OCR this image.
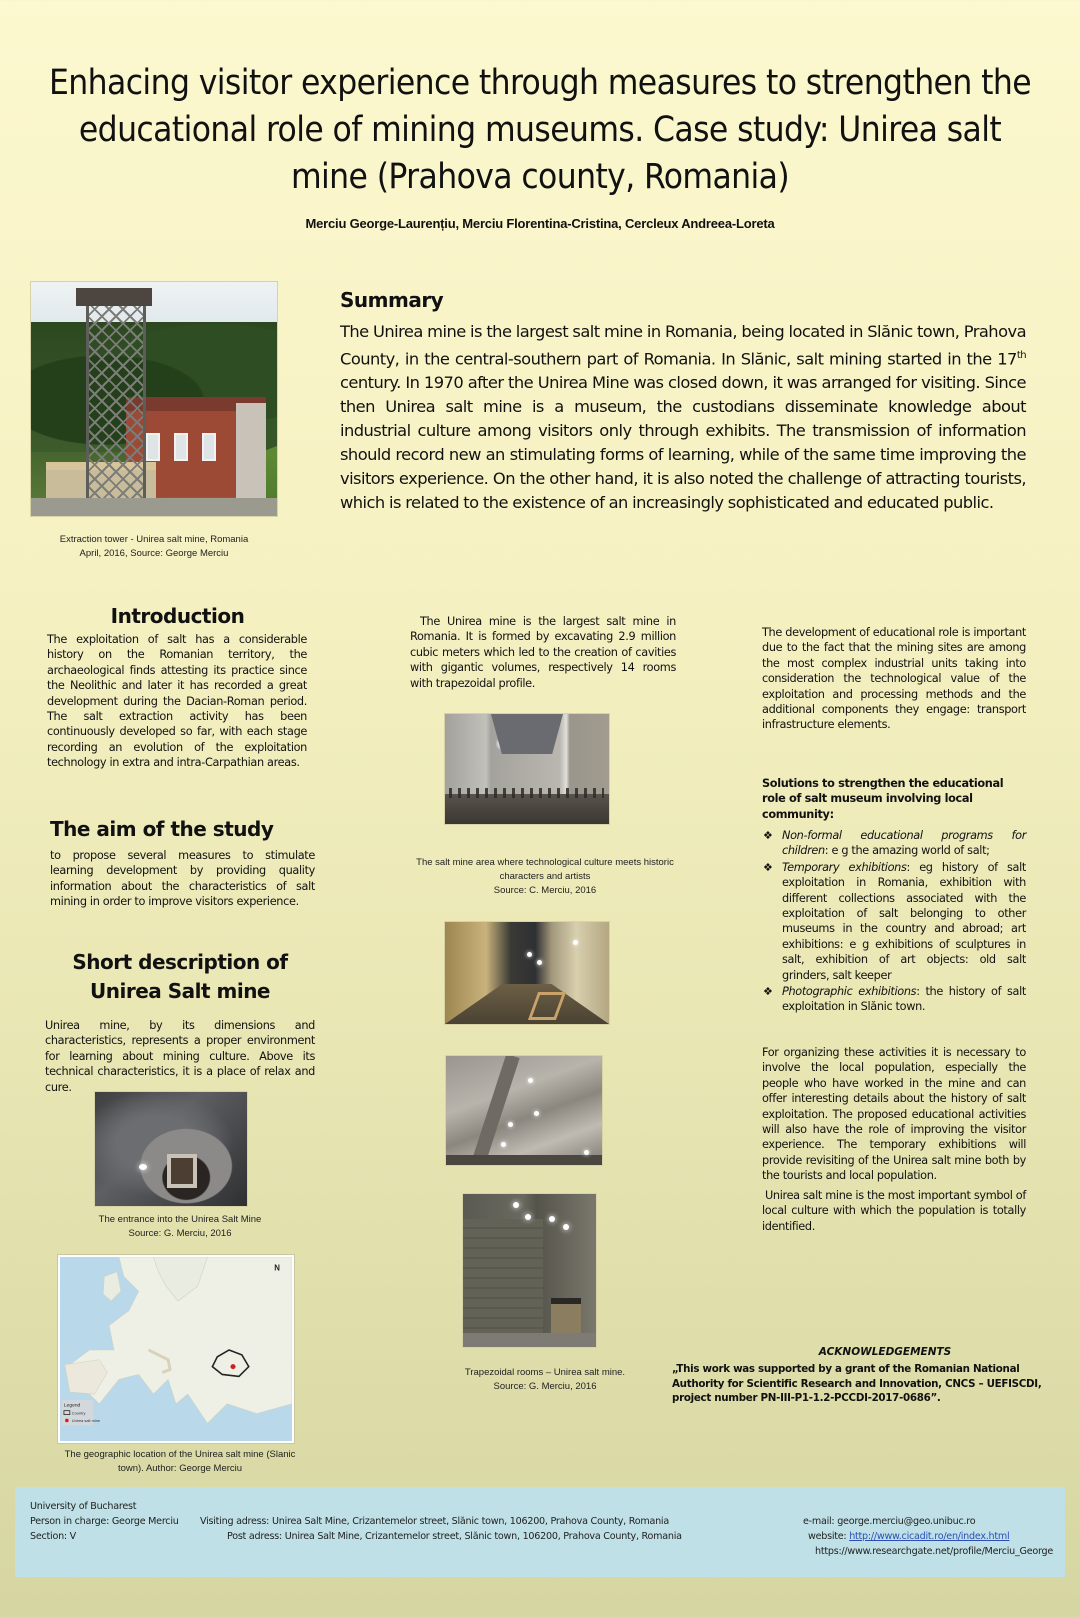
Enhacing visitor experience through measures to strengthen the educational role of mining museums. Case study: Unirea salt mine (Prahova county, Romania)
Merciu George-Laurențiu, Merciu Florentina-Cristina, Cercleux Andreea-Loreta
Extraction tower - Unirea salt mine, Romania
April, 2016, Source: George Merciu
Summary
The Unirea mine is the largest salt mine in Romania, being located in Slănic town, Prahova County, in the central-southern part of Romania. In Slănic, salt mining started in the 17th century. In 1970 after the Unirea Mine was closed down, it was arranged for visiting. Since then Unirea salt mine is a museum, the custodians disseminate knowledge about industrial culture among visitors only through exhibits. The transmission of information should record new an stimulating forms of learning, while of the same time improving the visitors experience. On the other hand, it is also noted the challenge of attracting tourists, which is related to the existence of an increasingly sophisticated and educated public.
Introduction
The exploitation of salt has a considerable history on the Romanian territory, the archaeological finds attesting its practice since the Neolithic and later it has recorded a great development during the Dacian-Roman period. The salt extraction activity has been continuously developed so far, with each stage recording an evolution of the exploitation technology in extra and intra-Carpathian areas.
The aim of the study
to propose several measures to stimulate learning development by providing quality information about the characteristics of salt mining in order to improve visitors experience.
Short description of
Unirea Salt mine
Unirea mine, by its dimensions and characteristics, represents a proper environment for learning about mining culture. Above its technical characteristics, it is a place of relax and cure.
The entrance into the Unirea Salt Mine
Source: G. Merciu, 2016
Legend
Country
Unirea salt mine
N
The geographic location of the Unirea salt mine (Slanic
town). Author: George Merciu
The Unirea mine is the largest salt mine in Romania. It is formed by excavating 2.9 million cubic meters which led to the creation of cavities with gigantic volumes, respectively 14 rooms with trapezoidal profile.
The salt mine area where technological culture meets historic
characters and artists
Source: C. Merciu, 2016
Trapezoidal rooms – Unirea salt mine.
Source: G. Merciu, 2016
The development of educational role is important due to the fact that the mining sites are among the most complex industrial units taking into consideration the technological value of the exploitation and processing methods and the additional components they engage: transport infrastructure elements.
Solutions to strengthen the educational role of salt museum involving local community:
❖ Non-formal educational programs for children: e g the amazing world of salt;
❖ Temporary exhibitions: eg history of salt exploitation in Romania, exhibition with different collections associated with the exploitation of salt belonging to other museums in the country and abroad; art exhibitions: e g exhibitions of sculptures in salt, exhibition of art objects: old salt grinders, salt keeper
❖ Photographic exhibitions: the history of salt exploitation in Slănic town.
For organizing these activities it is necessary to involve the local population, especially the people who have worked in the mine and can offer interesting details about the history of salt exploitation. The proposed educational activities will also have the role of improving the visitor experience. The temporary exhibitions will provide revisiting of the Unirea salt mine both by the tourists and local population.
Unirea salt mine is the most important symbol of local culture with which the population is totally identified.
ACKNOWLEDGEMENTS
„This work was supported by a grant of the Romanian National Authority for Scientific Research and Innovation, CNCS – UEFISCDI, project number PN-III-P1-1.2-PCCDI-2017-0686”.
University of Bucharest
Person in charge: George Merciu
Section: V
Visiting adress: Unirea Salt Mine, Crizantemelor street, Slănic town, 106200, Prahova County, Romania
Post adress: Unirea Salt Mine, Crizantemelor street, Slănic town, 106200, Prahova County, Romania
e-mail: george.merciu@geo.unibuc.ro
website: http://www.cicadit.ro/en/index.html
https://www.researchgate.net/profile/Merciu_George
